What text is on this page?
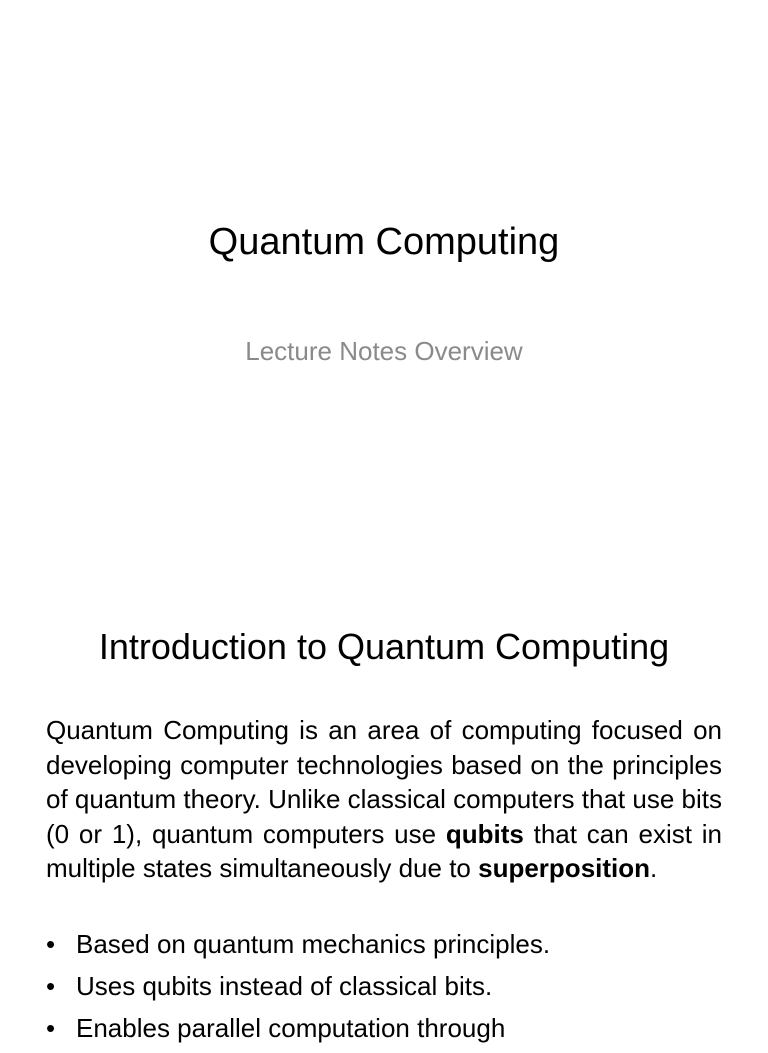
Quantum Computing
Lecture Notes Overview
Introduction to Quantum Computing
Quantum Computing is an area of computing focused on developing computer technologies based on the principles of quantum theory. Unlike classical computers that use bits (0 or 1), quantum computers use qubits that can exist in multiple states simultaneously due to superposition.
• Based on quantum mechanics principles.
• Uses qubits instead of classical bits.
• Enables parallel computation through
